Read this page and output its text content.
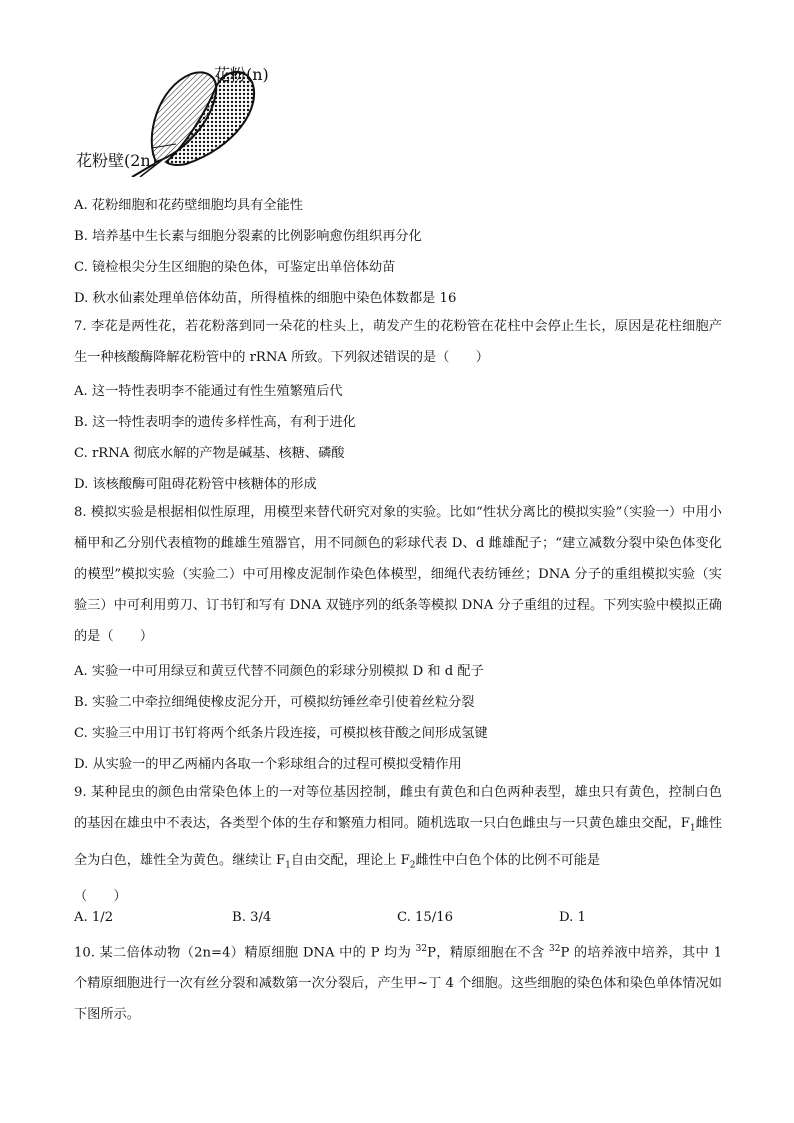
花粉(n)
花粉壁(2n)
A. 花粉细胞和花药壁细胞均具有全能性
B. 培养基中生长素与细胞分裂素的比例影响愈伤组织再分化
C. 镜检根尖分生区细胞的染色体，可鉴定出单倍体幼苗
D. 秋水仙素处理单倍体幼苗，所得植株的细胞中染色体数都是 16
7. 李花是两性花，若花粉落到同一朵花的柱头上，萌发产生的花粉管在花柱中会停止生长，原因是花柱细胞产生一种核酸酶降解花粉管中的 rRNA 所致。下列叙述错误的是（　　）
A. 这一特性表明李不能通过有性生殖繁殖后代
B. 这一特性表明李的遗传多样性高，有利于进化
C. rRNA 彻底水解的产物是碱基、核糖、磷酸
D. 该核酸酶可阻碍花粉管中核糖体的形成
8. 模拟实验是根据相似性原理，用模型来替代研究对象的实验。比如“性状分离比的模拟实验”（实验一）中用小桶甲和乙分别代表植物的雌雄生殖器官，用不同颜色的彩球代表 D、d 雌雄配子；“建立减数分裂中染色体变化的模型”模拟实验（实验二）中可用橡皮泥制作染色体模型，细绳代表纺锤丝；DNA 分子的重组模拟实验（实验三）中可利用剪刀、订书钉和写有 DNA 双链序列的纸条等模拟 DNA 分子重组的过程。下列实验中模拟正确的是（　　）
A. 实验一中可用绿豆和黄豆代替不同颜色的彩球分别模拟 D 和 d 配子
B. 实验二中牵拉细绳使橡皮泥分开，可模拟纺锤丝牵引使着丝粒分裂
C. 实验三中用订书钉将两个纸条片段连接，可模拟核苷酸之间形成氢键
D. 从实验一的甲乙两桶内各取一个彩球组合的过程可模拟受精作用
9. 某种昆虫的颜色由常染色体上的一对等位基因控制，雌虫有黄色和白色两种表型，雄虫只有黄色，控制白色的基因在雄虫中不表达，各类型个体的生存和繁殖力相同。随机选取一只白色雌虫与一只黄色雄虫交配，$F_1$雌性全为白色，雄性全为黄色。继续让 $F_1$自由交配，理论上 $F_2$雌性中白色个体的比例不可能是
（　　）
A. 1/2	B. 3/4	C. 15/16	D. 1
10. 某二倍体动物（2n=4）精原细胞 DNA 中的 P 均为 $^{32}$P，精原细胞在不含 $^{32}$P 的培养液中培养，其中 1 个精原细胞进行一次有丝分裂和减数第一次分裂后，产生甲~丁 4 个细胞。这些细胞的染色体和染色单体情况如下图所示。
